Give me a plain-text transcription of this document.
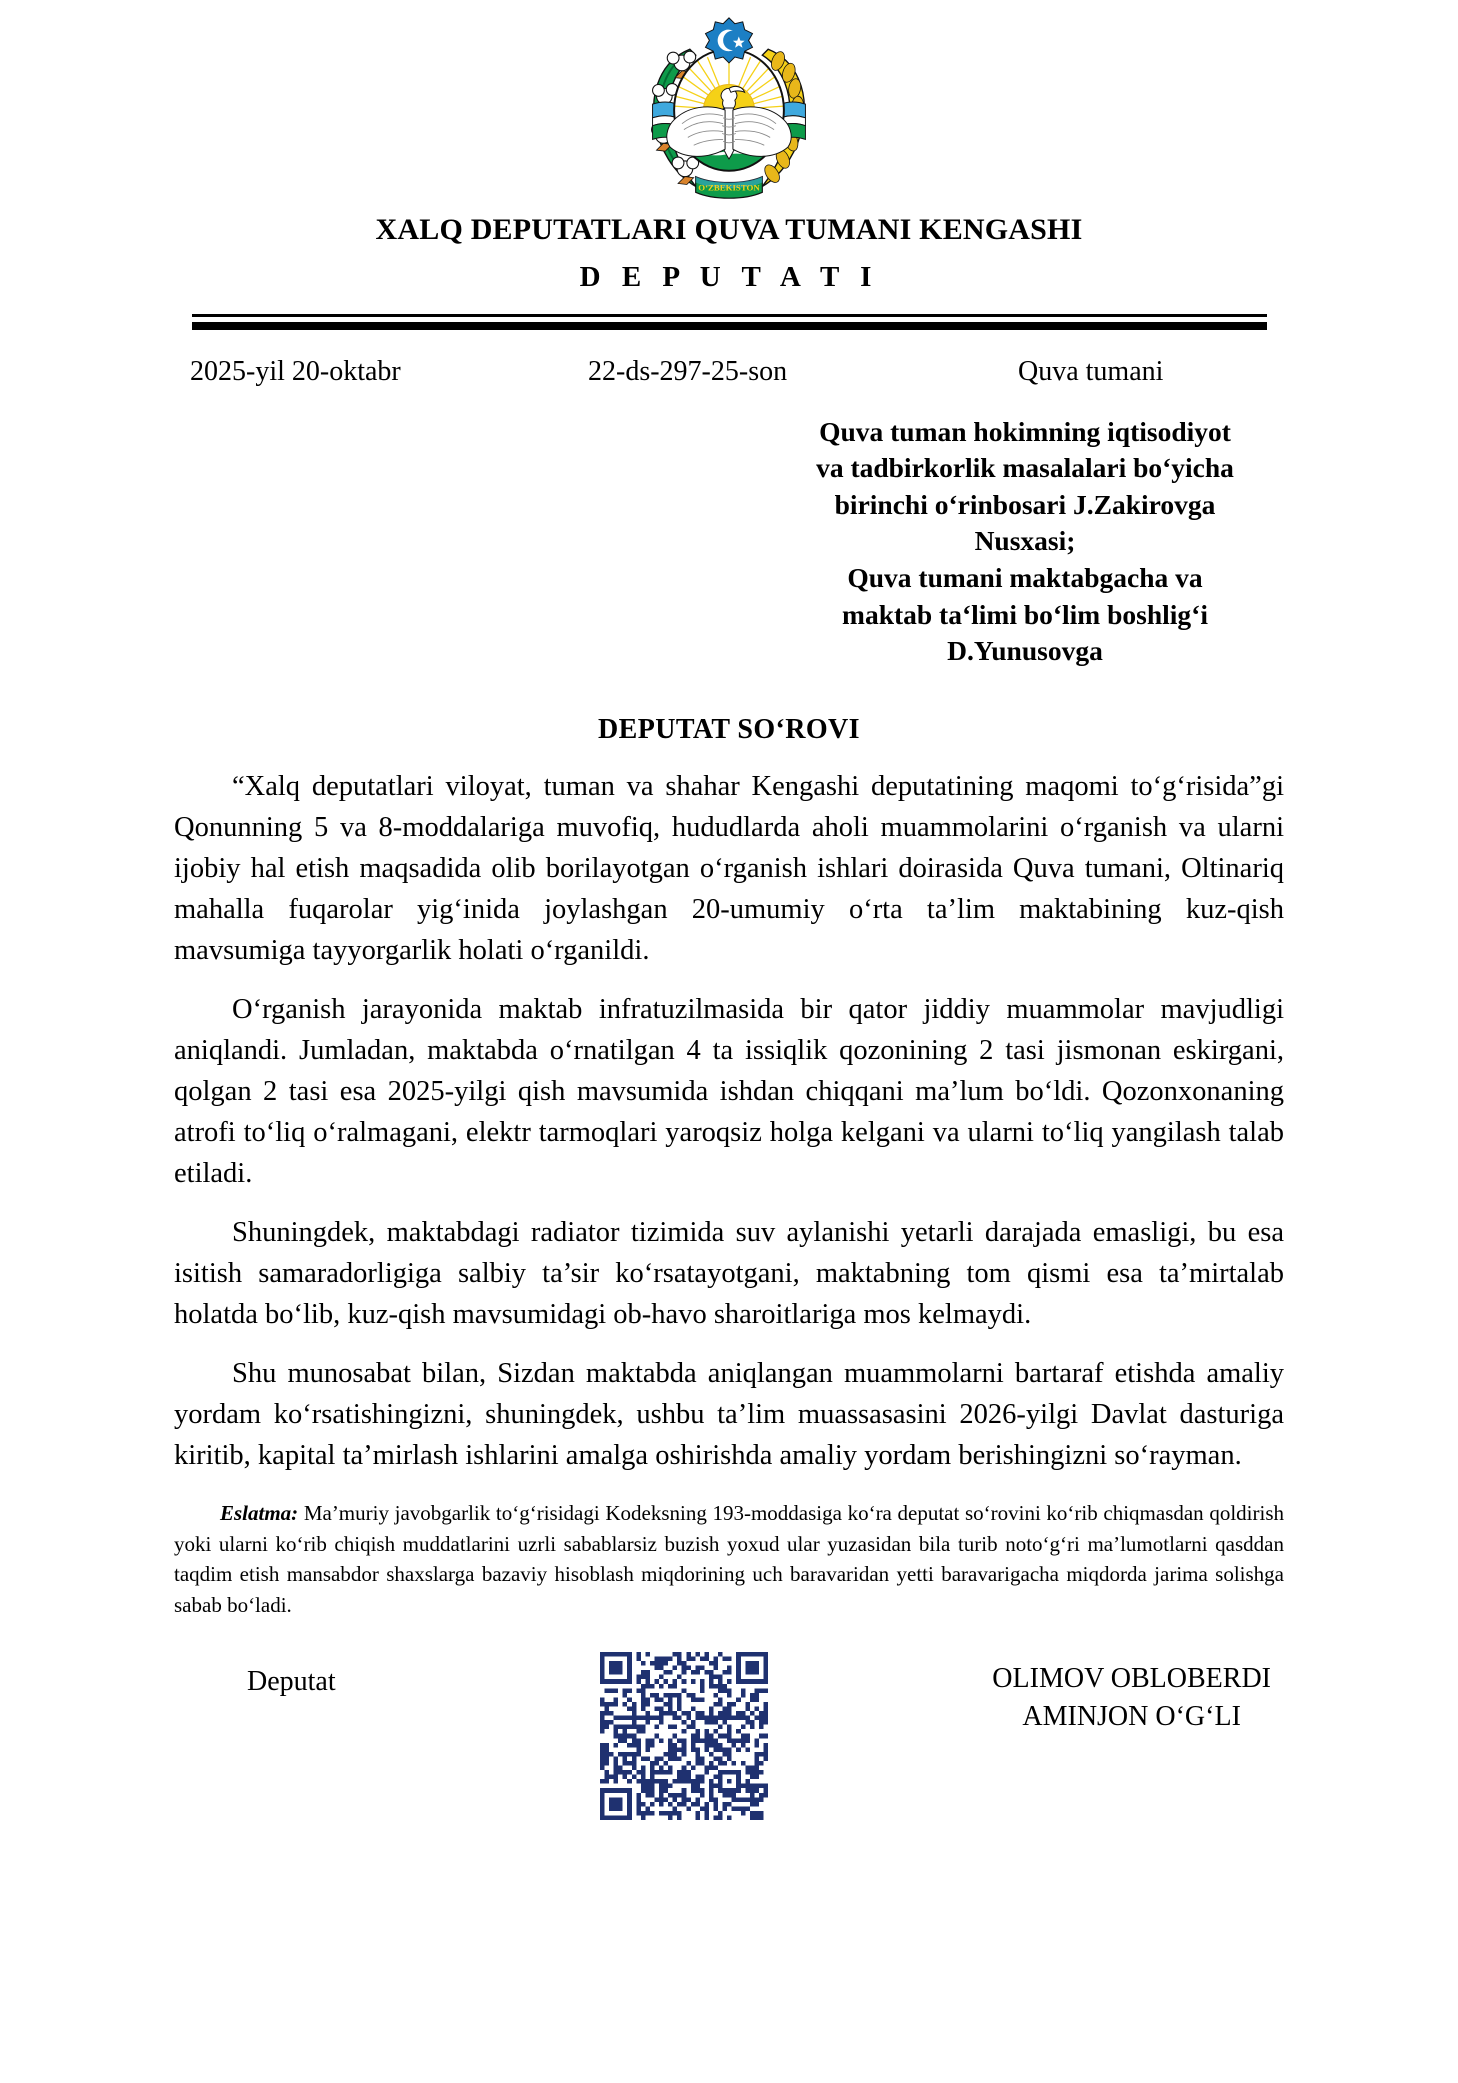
O‘ZBEKISTON
XALQ DEPUTATLARI QUVA TUMANI KENGASHI
D E P U T A T I
2025-yil 20-oktabr	22-ds-297-25-son	Quva tumani
Quva tuman hokimning iqtisodiyot
va tadbirkorlik masalalari bo‘yicha
birinchi o‘rinbosari J.Zakirovga
Nusxasi;
Quva tumani maktabgacha va
maktab ta‘limi bo‘lim boshlig‘i
D.Yunusovga
DEPUTAT SO‘ROVI

“Xalq deputatlari viloyat, tuman va shahar Kengashi deputatining maqomi to‘g‘risida”gi Qonunning 5 va 8-moddalariga muvofiq, hududlarda aholi muammolarini o‘rganish va ularni ijobiy hal etish maqsadida olib borilayotgan o‘rganish ishlari doirasida Quva tumani, Oltinariq mahalla fuqarolar yig‘inida joylashgan 20-umumiy o‘rta ta’lim maktabining kuz-qish mavsumiga tayyorgarlik holati o‘rganildi.

O‘rganish jarayonida maktab infratuzilmasida bir qator jiddiy muammolar mavjudligi aniqlandi. Jumladan, maktabda o‘rnatilgan 4 ta issiqlik qozonining 2 tasi jismonan eskirgani, qolgan 2 tasi esa 2025-yilgi qish mavsumida ishdan chiqqani ma’lum bo‘ldi. Qozonxonaning atrofi to‘liq o‘ralmagani, elektr tarmoqlari yaroqsiz holga kelgani va ularni to‘liq yangilash talab etiladi.

Shuningdek, maktabdagi radiator tizimida suv aylanishi yetarli darajada emasligi, bu esa isitish samaradorligiga salbiy ta’sir ko‘rsatayotgani, maktabning tom qismi esa ta’mirtalab holatda bo‘lib, kuz-qish mavsumidagi ob-havo sharoitlariga mos kelmaydi.

Shu munosabat bilan, Sizdan maktabda aniqlangan muammolarni bartaraf etishda amaliy yordam ko‘rsatishingizni, shuningdek, ushbu ta’lim muassasasini 2026-yilgi Davlat dasturiga kiritib, kapital ta’mirlash ishlarini amalga oshirishda amaliy yordam berishingizni so‘rayman.

Eslatma: Ma’muriy javobgarlik to‘g‘risidagi Kodeksning 193-moddasiga ko‘ra deputat so‘rovini ko‘rib chiqmasdan qoldirish yoki ularni ko‘rib chiqish muddatlarini uzrli sabablarsiz buzish yoxud ular yuzasidan bila turib noto‘g‘ri ma’lumotlarni qasddan taqdim etish mansabdor shaxslarga bazaviy hisoblash miqdorining uch baravaridan yetti baravarigacha miqdorda jarima solishga sabab bo‘ladi.
Deputat	OLIMOV OBLOBERDI
AMINJON O‘G‘LI
